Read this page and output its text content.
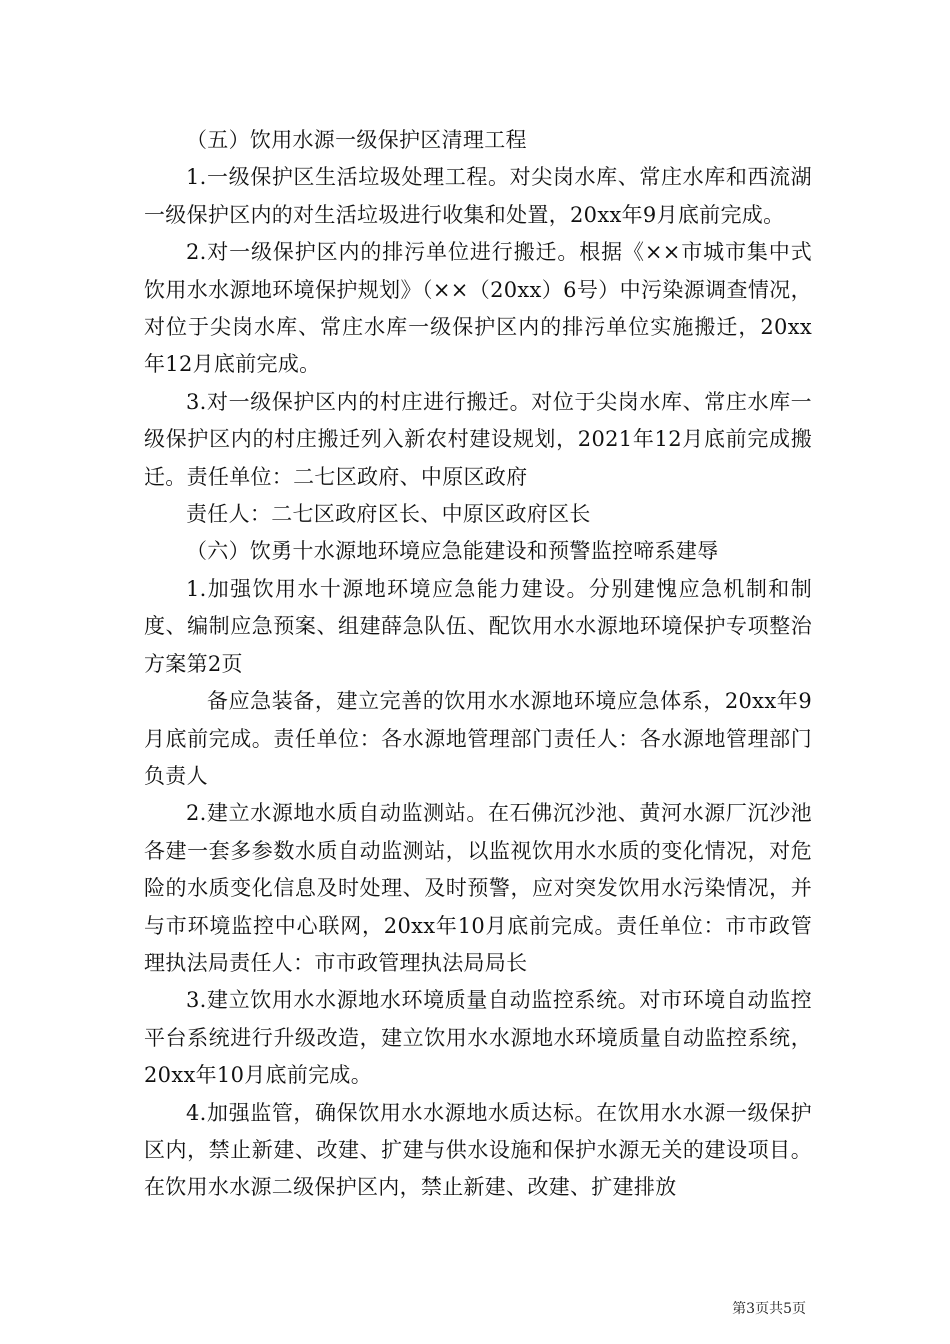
（五）饮用水源一级保护区清理工程

1.一级保护区生活垃圾处理工程。对尖岗水库、常庄水库和西流湖一级保护区内的对生活垃圾进行收集和处置，20xx年9月底前完成。

2.对一级保护区内的排污单位进行搬迁。根据《××市城市集中式饮用水水源地环境保护规划》（××（20xx）6号）中污染源调查情况，对位于尖岗水库、常庄水库一级保护区内的排污单位实施搬迁，20xx年12月底前完成。

3.对一级保护区内的村庄进行搬迁。对位于尖岗水库、常庄水库一级保护区内的村庄搬迁列入新农村建设规划，2021年12月底前完成搬迁。责任单位：二七区政府、中原区政府

责任人：二七区政府区长、中原区政府区长

（六）饮勇十水源地环境应急能建设和预警监控啼系建辱

1.加强饮用水十源地环境应急能力建设。分别建愧应急机制和制度、编制应急预案、组建薛急队伍、配饮用水水源地环境保护专项整治方案第2页

备应急装备，建立完善的饮用水水源地环境应急体系，20xx年9月底前完成。责任单位：各水源地管理部门责任人：各水源地管理部门负责人

2.建立水源地水质自动监测站。在石佛沉沙池、黄河水源厂沉沙池各建一套多参数水质自动监测站，以监视饮用水水质的变化情况，对危险的水质变化信息及时处理、及时预警，应对突发饮用水污染情况，并与市环境监控中心联网，20xx年10月底前完成。责任单位：市市政管理执法局责任人：市市政管理执法局局长

3.建立饮用水水源地水环境质量自动监控系统。对市环境自动监控平台系统进行升级改造，建立饮用水水源地水环境质量自动监控系统，20xx年10月底前完成。

4.加强监管，确保饮用水水源地水质达标。在饮用水水源一级保护区内，禁止新建、改建、扩建与供水设施和保护水源无关的建设项目。在饮用水水源二级保护区内，禁止新建、改建、扩建排放

第3页共5页
